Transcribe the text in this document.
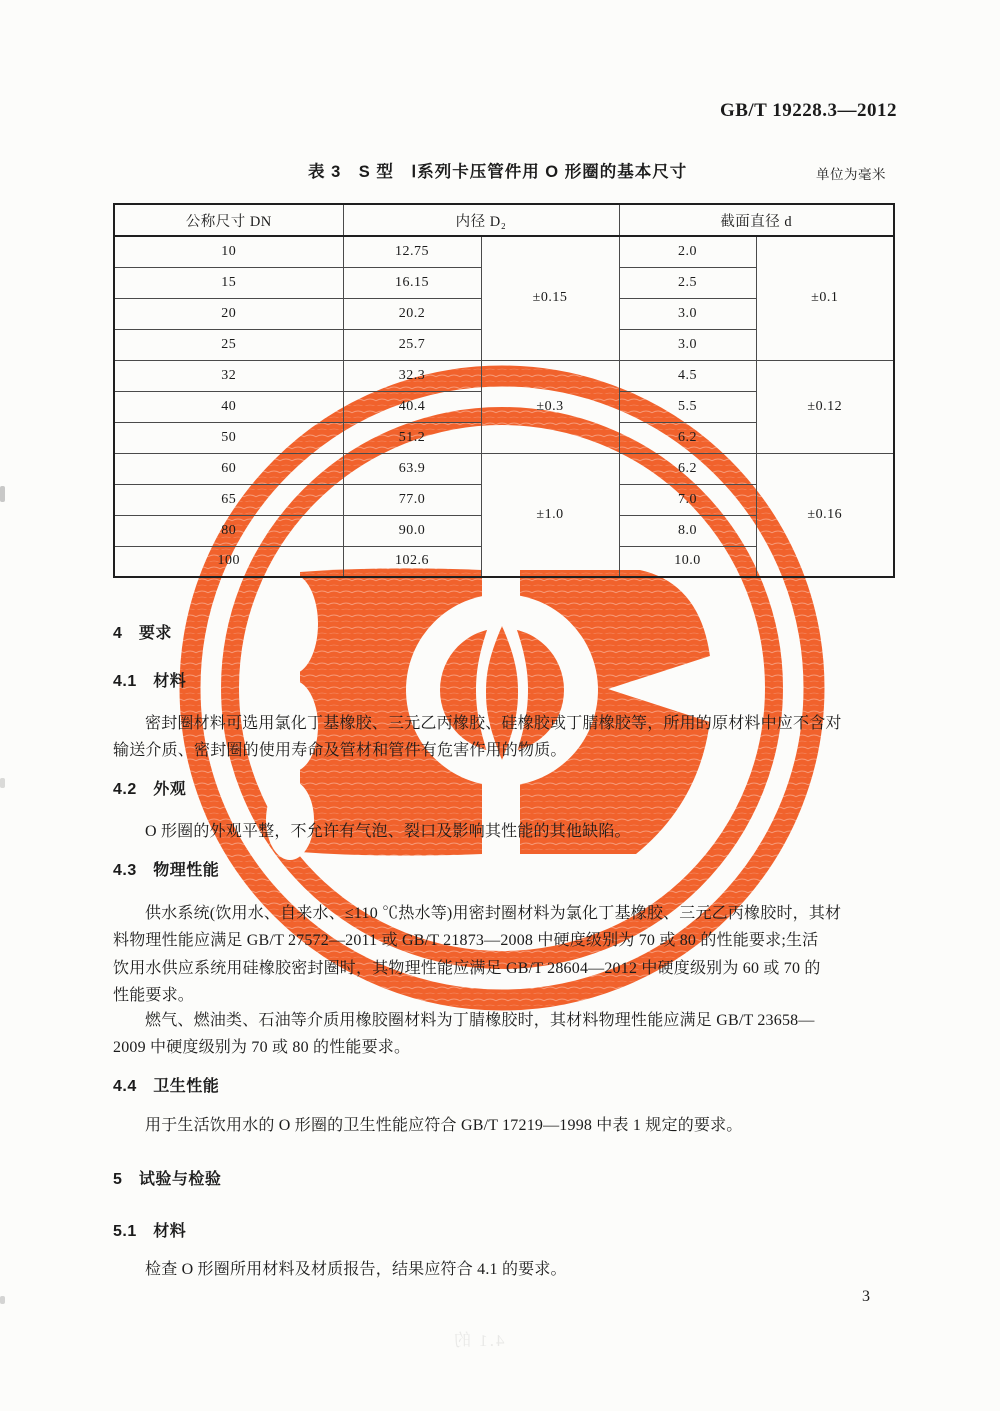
GB/T 19228.3—2012
表 3　S 型　Ⅰ系列卡压管件用 O 形圈的基本尺寸	单位为毫米
公称尺寸 DN	内径 D₂		截面直径 d	
10	12.75	±0.15	2.0	±0.1
15	16.15		2.5	
20	20.2		3.0	
25	25.7		3.0	
32	32.3	±0.3	4.5	±0.12
40	40.4		5.5	
50	51.2		6.2	
60	63.9	±1.0	6.2	±0.16
65	77.0		7.0	
80	90.0		8.0	
100	102.6		10.0	
4　要求
4.1　材料
密封圈材料可选用氯化丁基橡胶、三元乙丙橡胶、硅橡胶或丁腈橡胶等，所用的原材料中应不含对
输送介质、密封圈的使用寿命及管材和管件有危害作用的物质。
4.2　外观
O 形圈的外观平整，不允许有气泡、裂口及影响其性能的其他缺陷。
4.3　物理性能
供水系统(饮用水、自来水、≤110 ℃热水等)用密封圈材料为氯化丁基橡胶、三元乙丙橡胶时，其材
料物理性能应满足 GB/T 27572—2011 或 GB/T 21873—2008 中硬度级别为 70 或 80 的性能要求;生活
饮用水供应系统用硅橡胶密封圈时，其物理性能应满足 GB/T 28604—2012 中硬度级别为 60 或 70 的
性能要求。
燃气、燃油类、石油等介质用橡胶圈材料为丁腈橡胶时，其材料物理性能应满足 GB/T 23658—
2009 中硬度级别为 70 或 80 的性能要求。
4.4　卫生性能
用于生活饮用水的 O 形圈的卫生性能应符合 GB/T 17219—1998 中表 1 规定的要求。
5　试验与检验
5.1　材料
检查 O 形圈所用材料及材质报告，结果应符合 4.1 的要求。
3
4.1 的
